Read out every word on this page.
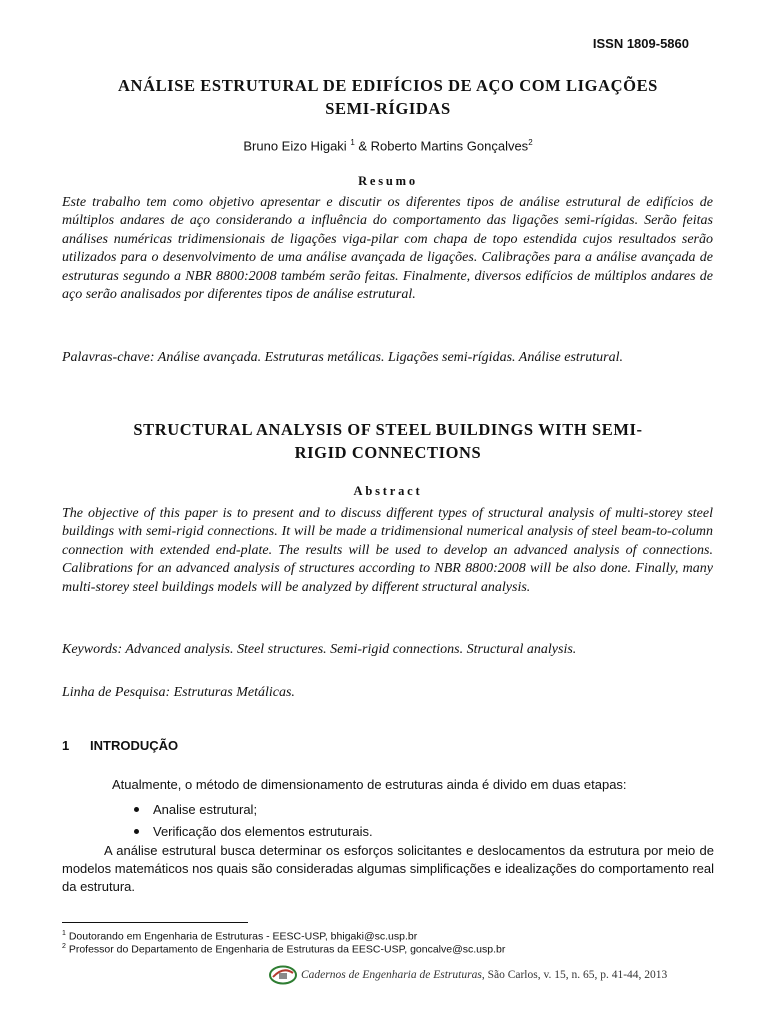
ISSN 1809-5860
ANÁLISE ESTRUTURAL DE EDIFÍCIOS DE AÇO COM LIGAÇÕES
SEMI-RÍGIDAS
Bruno Eizo Higaki $^1$ & Roberto Martins Gonçalves$^2$
Resumo

Este trabalho tem como objetivo apresentar e discutir os diferentes tipos de análise estrutural de edifícios de múltiplos andares de aço considerando a influência do comportamento das ligações semi-rígidas. Serão feitas análises numéricas tridimensionais de ligações viga-pilar com chapa de topo estendida cujos resultados serão utilizados para o desenvolvimento de uma análise avançada de ligações. Calibrações para a análise avançada de estruturas segundo a NBR 8800:2008 também serão feitas. Finalmente, diversos edifícios de múltiplos andares de aço serão analisados por diferentes tipos de análise estrutural.

Palavras-chave: Análise avançada. Estruturas metálicas. Ligações semi-rígidas. Análise estrutural.

STRUCTURAL ANALYSIS OF STEEL BUILDINGS WITH SEMI-
RIGID CONNECTIONS
Abstract

The objective of this paper is to present and to discuss different types of structural analysis of multi-storey steel buildings with semi-rigid connections. It will be made a tridimensional numerical analysis of steel beam-to-column connection with extended end-plate. The results will be used to develop an advanced analysis of connections. Calibrations for an advanced analysis of structures according to NBR 8800:2008 will be also done. Finally, many multi-storey steel buildings models will be analyzed by different structural analysis.

Keywords: Advanced analysis. Steel structures. Semi-rigid connections. Structural analysis.

Linha de Pesquisa: Estruturas Metálicas.

1 INTRODUÇÃO

Atualmente, o método de dimensionamento de estruturas ainda é divido em duas etapas:

Analise estrutural;
Verificação dos elementos estruturais.

A análise estrutural busca determinar os esforços solicitantes e deslocamentos da estrutura por meio de modelos matemáticos nos quais são consideradas algumas simplificações e idealizações do comportamento real da estrutura.

$^1$ Doutorando em Engenharia de Estruturas - EESC-USP, bhigaki@sc.usp.br
$^2$ Professor do Departamento de Engenharia de Estruturas da EESC-USP, goncalve@sc.usp.br
Cadernos de Engenharia de Estruturas, São Carlos, v. 15, n. 65, p. 41-44, 2013
